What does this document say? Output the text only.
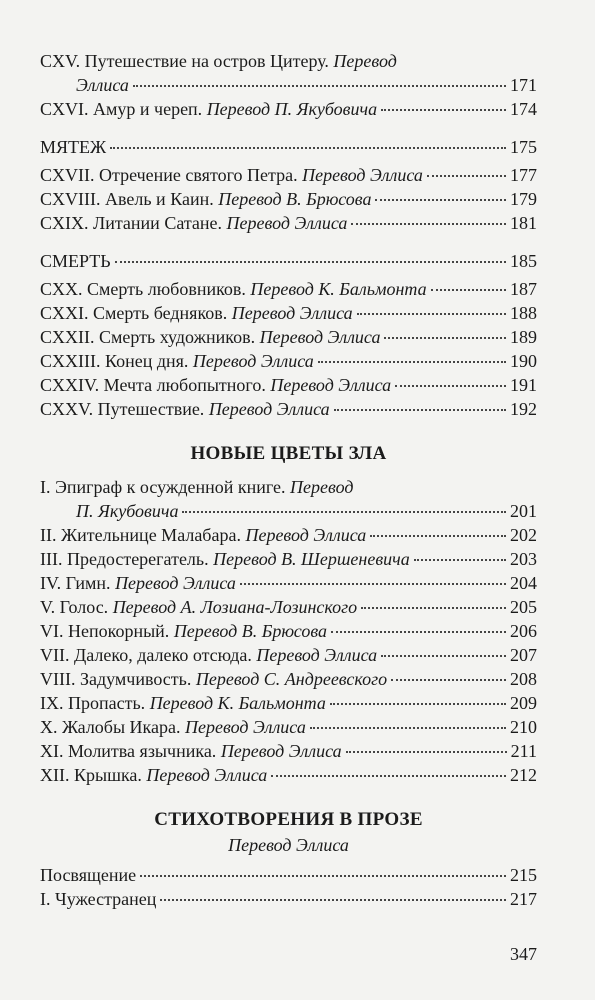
CXV. Путешествие на остров Цитеру. Перевод
Эллиса	171
CXVI. Амур и череп. Перевод П. Якубовича	174
МЯТЕЖ	175
CXVII. Отречение святого Петра. Перевод Эллиса	177
CXVIII. Авель и Каин. Перевод В. Брюсова	179
CXIX. Литании Сатане. Перевод Эллиса	181
СМЕРТЬ	185
CXX. Смерть любовников. Перевод К. Бальмонта	187
CXXI. Смерть бедняков. Перевод Эллиса	188
CXXII. Смерть художников. Перевод Эллиса	189
CXXIII. Конец дня. Перевод Эллиса	190
CXXIV. Мечта любопытного. Перевод Эллиса	191
CXXV. Путешествие. Перевод Эллиса	192
НОВЫЕ ЦВЕТЫ ЗЛА
I. Эпиграф к осужденной книге. Перевод
П. Якубовича	201
II. Жительнице Малабара. Перевод Эллиса	202
III. Предостерегатель. Перевод В. Шершеневича	203
IV. Гимн. Перевод Эллиса	204
V. Голос. Перевод А. Лозиана-Лозинского	205
VI. Непокорный. Перевод В. Брюсова	206
VII. Далеко, далеко отсюда. Перевод Эллиса	207
VIII. Задумчивость. Перевод С. Андреевского	208
IX. Пропасть. Перевод К. Бальмонта	209
X. Жалобы Икара. Перевод Эллиса	210
XI. Молитва язычника. Перевод Эллиса	211
XII. Крышка. Перевод Эллиса	212
СТИХОТВОРЕНИЯ В ПРОЗЕ
Перевод Эллиса
Посвящение	215
I. Чужестранец	217
347
